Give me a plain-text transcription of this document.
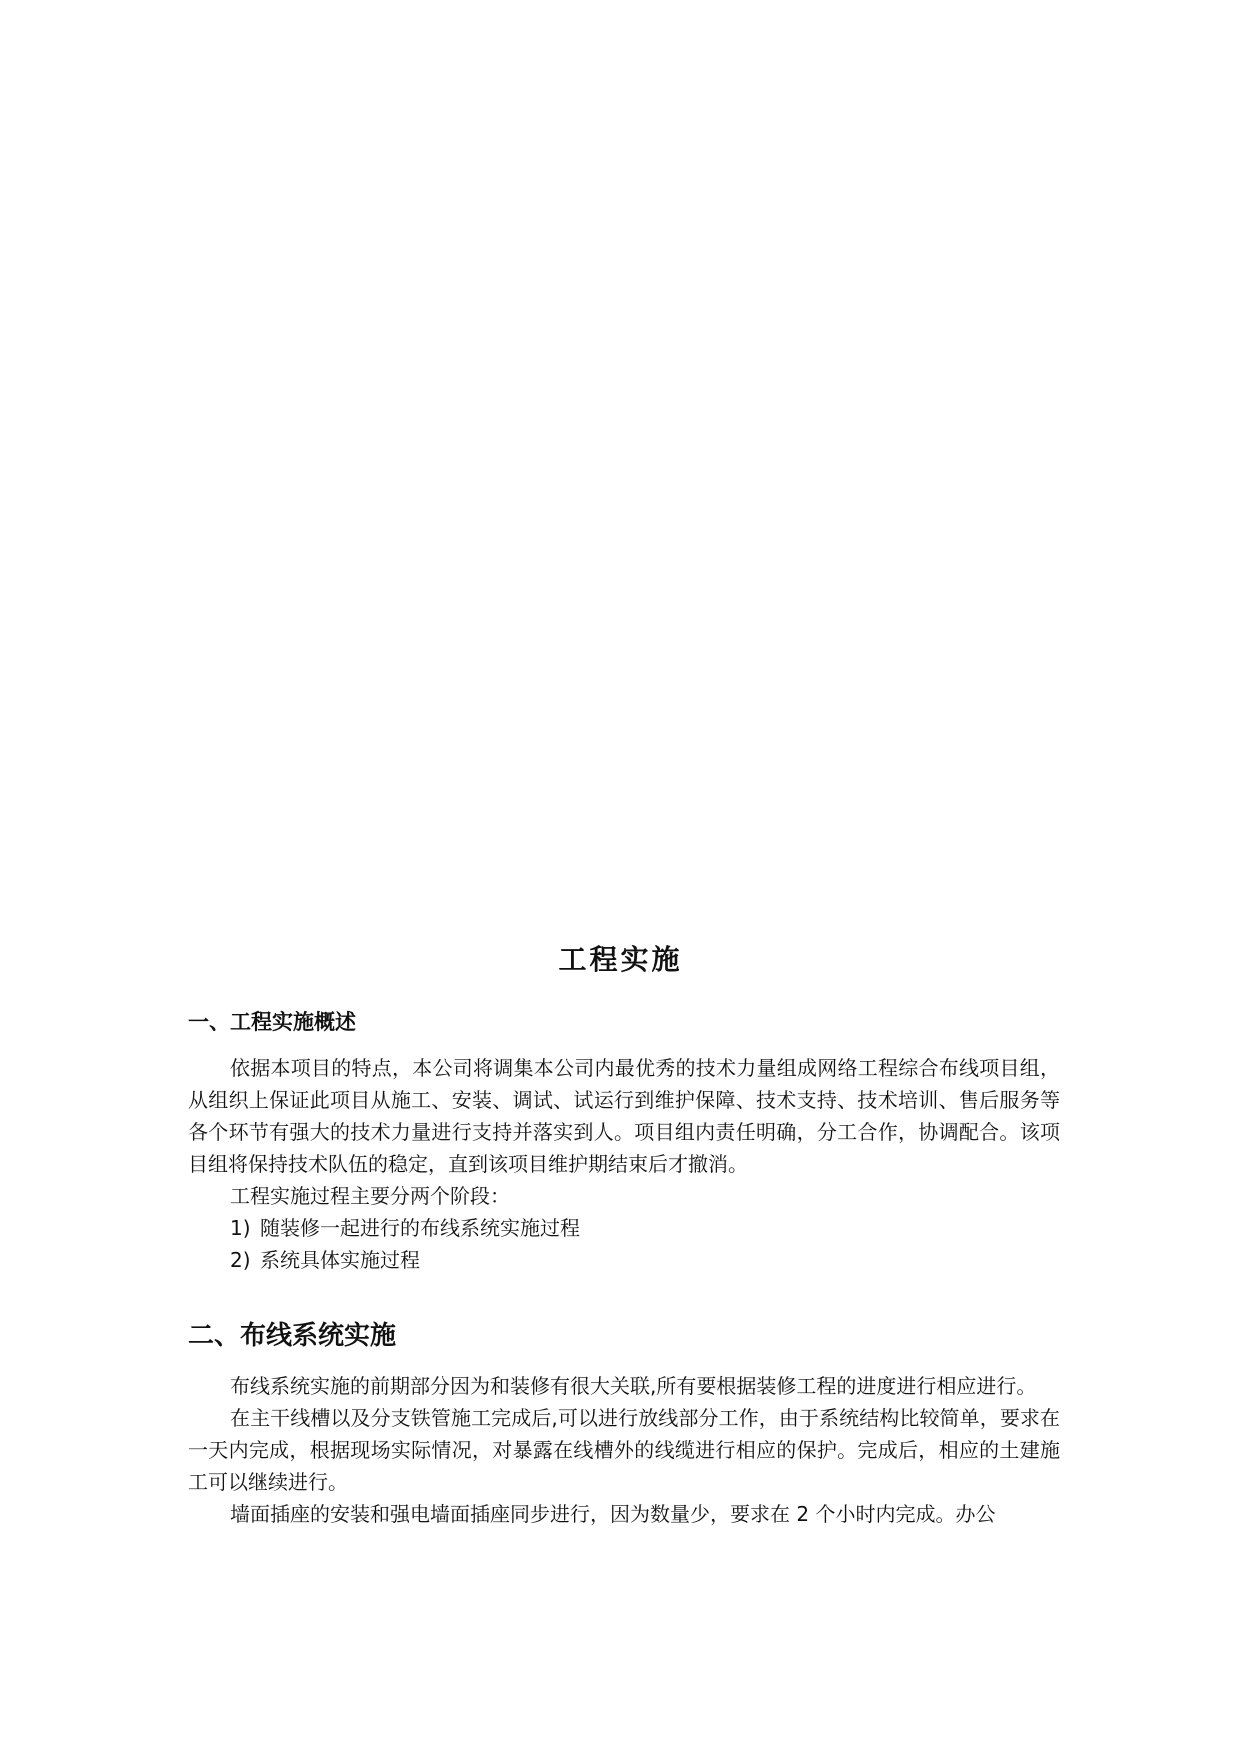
工程实施
一、工程实施概述

依据本项目的特点，本公司将调集本公司内最优秀的技术力量组成网络工程综合布线项目组，从组织上保证此项目从施工、安装、调试、试运行到维护保障、技术支持、技术培训、售后服务等各个环节有强大的技术力量进行支持并落实到人。项目组内责任明确，分工合作，协调配合。该项目组将保持技术队伍的稳定，直到该项目维护期结束后才撤消。

工程实施过程主要分两个阶段：

1) 随装修一起进行的布线系统实施过程

2) 系统具体实施过程

二、布线系统实施

布线系统实施的前期部分因为和装修有很大关联,所有要根据装修工程的进度进行相应进行。

在主干线槽以及分支铁管施工完成后,可以进行放线部分工作，由于系统结构比较简单，要求在一天内完成，根据现场实际情况，对暴露在线槽外的线缆进行相应的保护。完成后，相应的土建施工可以继续进行。

墙面插座的安装和强电墙面插座同步进行，因为数量少，要求在 2 个小时内完成。办公
